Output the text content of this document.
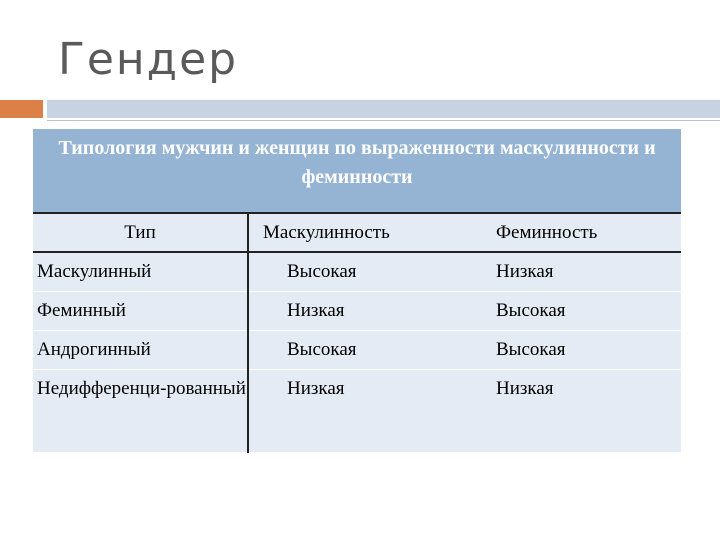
Гендер
Типология мужчин и женщин по выраженности маскулинности и феминности		
Тип	Маскулинность	Феминность
Маскулинный	Высокая	Низкая
Феминный	Низкая	Высокая
Андрогинный	Высокая	Высокая
Недифференци-рованный	Низкая	Низкая
